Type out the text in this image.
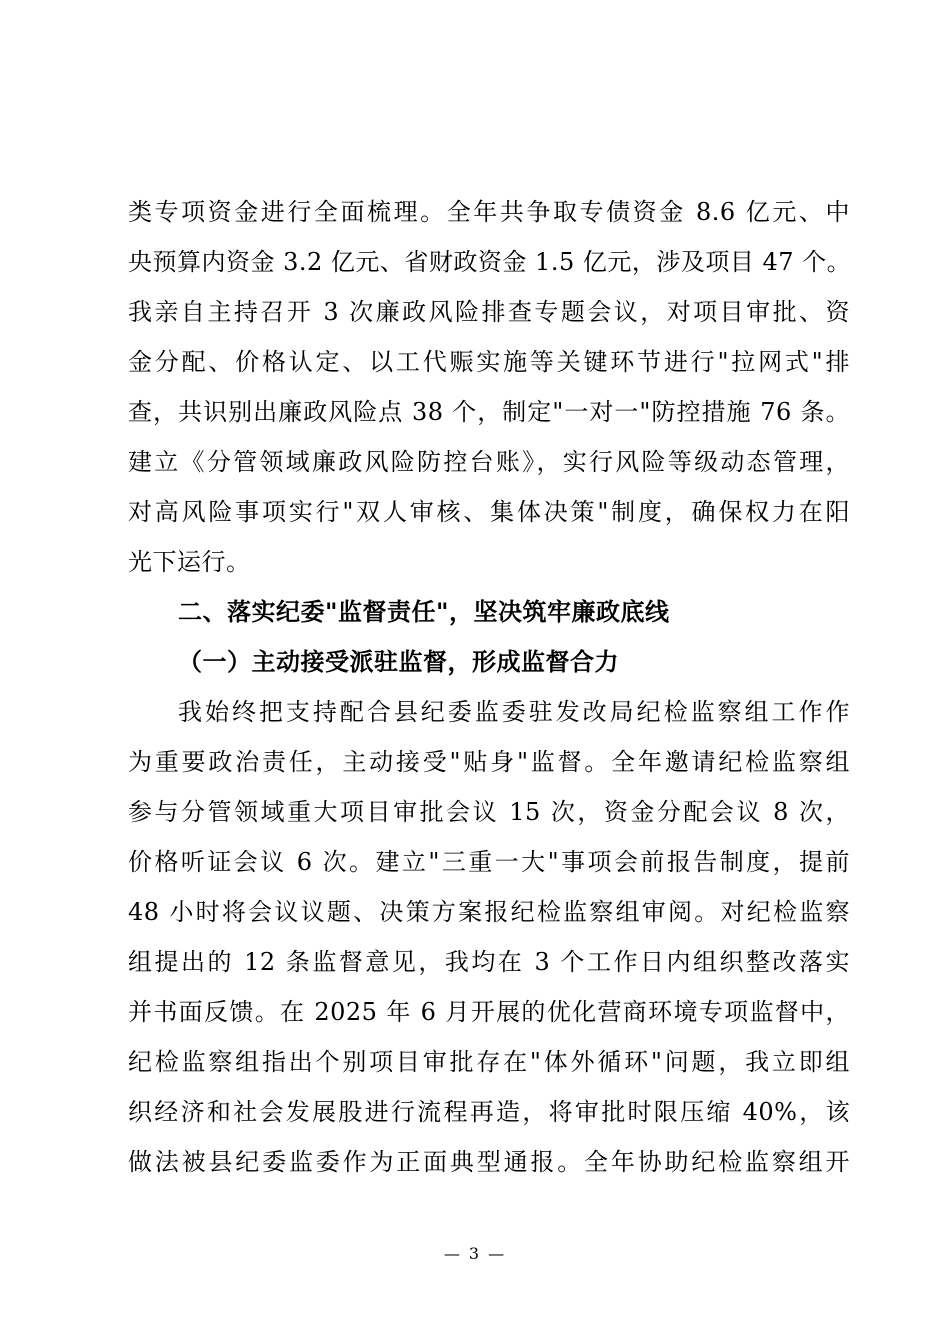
类专项资金进行全面梳理。全年共争取专债资金 8.6 亿元、中
央预算内资金 3.2 亿元、省财政资金 1.5 亿元，涉及项目 47 个。
我亲自主持召开 3 次廉政风险排查专题会议，对项目审批、资
金分配、价格认定、以工代赈实施等关键环节进行"拉网式"排
查，共识别出廉政风险点 38 个，制定"一对一"防控措施 76 条。
建立《分管领域廉政风险防控台账》，实行风险等级动态管理，
对高风险事项实行"双人审核、集体决策"制度，确保权力在阳
光下运行。
二、落实纪委"监督责任"，坚决筑牢廉政底线
（一）主动接受派驻监督，形成监督合力
我始终把支持配合县纪委监委驻发改局纪检监察组工作作
为重要政治责任，主动接受"贴身"监督。全年邀请纪检监察组
参与分管领域重大项目审批会议 15 次，资金分配会议 8 次，
价格听证会议 6 次。建立"三重一大"事项会前报告制度，提前
48 小时将会议议题、决策方案报纪检监察组审阅。对纪检监察
组提出的 12 条监督意见，我均在 3 个工作日内组织整改落实
并书面反馈。在 2025 年 6 月开展的优化营商环境专项监督中，
纪检监察组指出个别项目审批存在"体外循环"问题，我立即组
织经济和社会发展股进行流程再造，将审批时限压缩 40%，该
做法被县纪委监委作为正面典型通报。全年协助纪检监察组开
— 3 —
